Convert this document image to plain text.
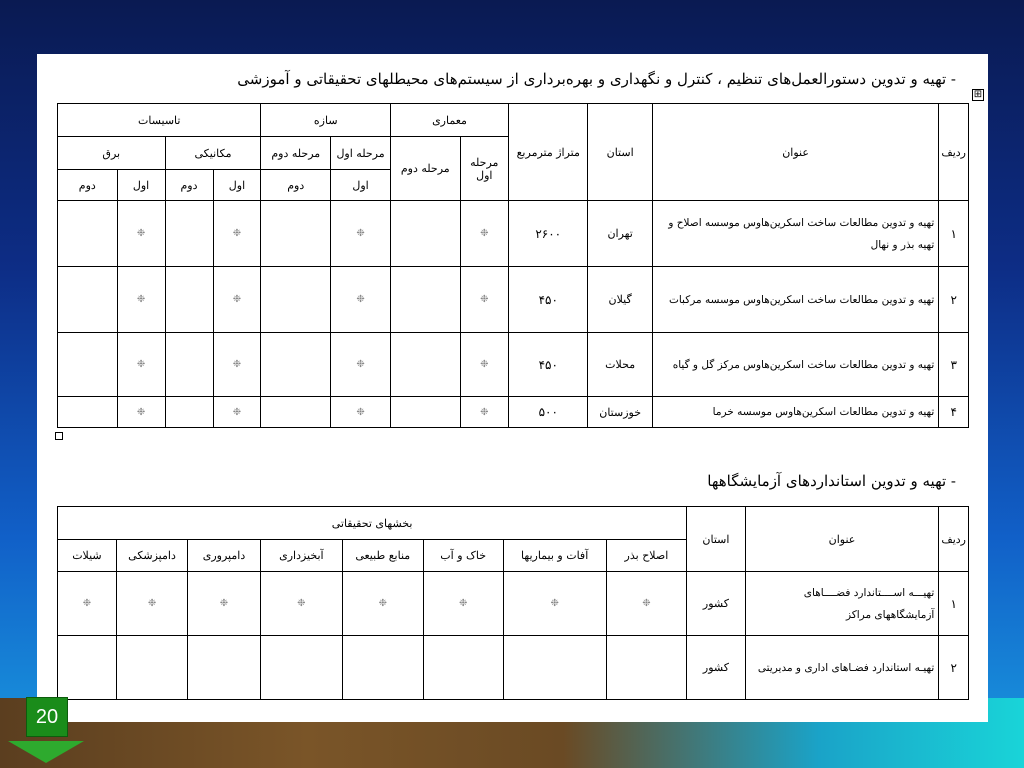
- تهیه و تدوین دستورالعمل‌های تنظیم ، کنترل و نگهداری و بهره‌برداری از سیستم‌های محیطلهای تحقیقاتی و آموزشی
⊞
ردیف	عنوان	استان	متراژ مترمربع	معماری		سازه		تاسیسات			
				مرحله اول	مرحله دوم	مرحله اول	مرحله دوم	مکانیکی		برق	
						اول	دوم	اول	دوم	اول	دوم
۱	تهیه و تدوین مطالعات ساخت اسکرین‌هاوس موسسه اصلاح و تهیه بذر و نهال	تهران	۲۶۰۰	❉		❉		❉		❉	
۲	تهیه و تدوین مطالعات ساخت اسکرین‌هاوس موسسه مرکبات	گیلان	۴۵۰	❉		❉		❉		❉	
۳	تهیه و تدوین مطالعات ساخت اسکرین‌هاوس مرکز گل و گیاه	محلات	۴۵۰	❉		❉		❉		❉	
۴	تهیه و تدوین مطالعات اسکرین‌هاوس موسسه خرما	خوزستان	۵۰۰	❉		❉		❉		❉	
- تهیه و تدوین استانداردهای آزمایشگاهها
ردیف	عنوان	استان	بخشهای تحقیقاتی							
			اصلاح بذر	آفات و بیماریها	خاک و آب	منابع طبیعی	آبخیزداری	دامپروری	دامپزشکی	شیلات
۱	تهیـــه اســــتاندارد فضــــاهای آزمایشگاههای مراکز	کشور	❉	❉	❉	❉	❉	❉	❉	❉
۲	تهیـه استاندارد فضـاهای اداری و مدیریتی	کشور								
20
